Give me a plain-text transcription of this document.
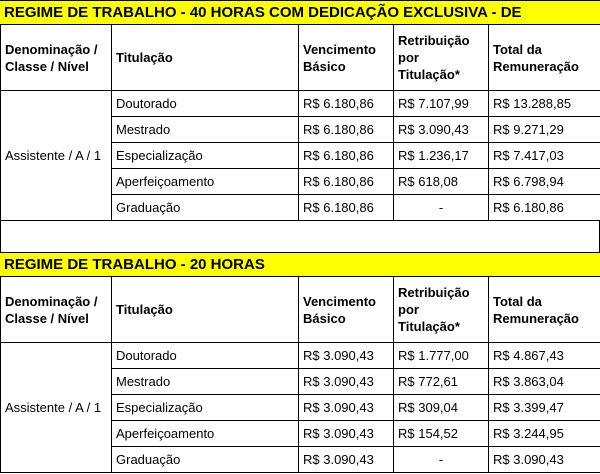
REGIME DE TRABALHO - 40 HORAS COM DEDICAÇÃO EXCLUSIVA - DE
Denominação / Classe / Nível	Titulação	Vencimento Básico	Retribuição por Titulação*	Total da Remuneração
Assistente / A / 1	Doutorado	R$ 6.180,86	R$ 7.107,99	R$ 13.288,85
	Mestrado	R$ 6.180,86	R$ 3.090,43	R$ 9.271,29
	Especialização	R$ 6.180,86	R$ 1.236,17	R$ 7.417,03
	Aperfeiçoamento	R$ 6.180,86	R$ 618,08	R$ 6.798,94
	Graduação	R$ 6.180,86	-	R$ 6.180,86
REGIME DE TRABALHO - 20 HORAS
Denominação / Classe / Nível	Titulação	Vencimento Básico	Retribuição por Titulação*	Total da Remuneração
Assistente / A / 1	Doutorado	R$ 3.090,43	R$ 1.777,00	R$ 4.867,43
	Mestrado	R$ 3.090,43	R$ 772,61	R$ 3.863,04
	Especialização	R$ 3.090,43	R$ 309,04	R$ 3.399,47
	Aperfeiçoamento	R$ 3.090,43	R$ 154,52	R$ 3.244,95
	Graduação	R$ 3.090,43	-	R$ 3.090,43
